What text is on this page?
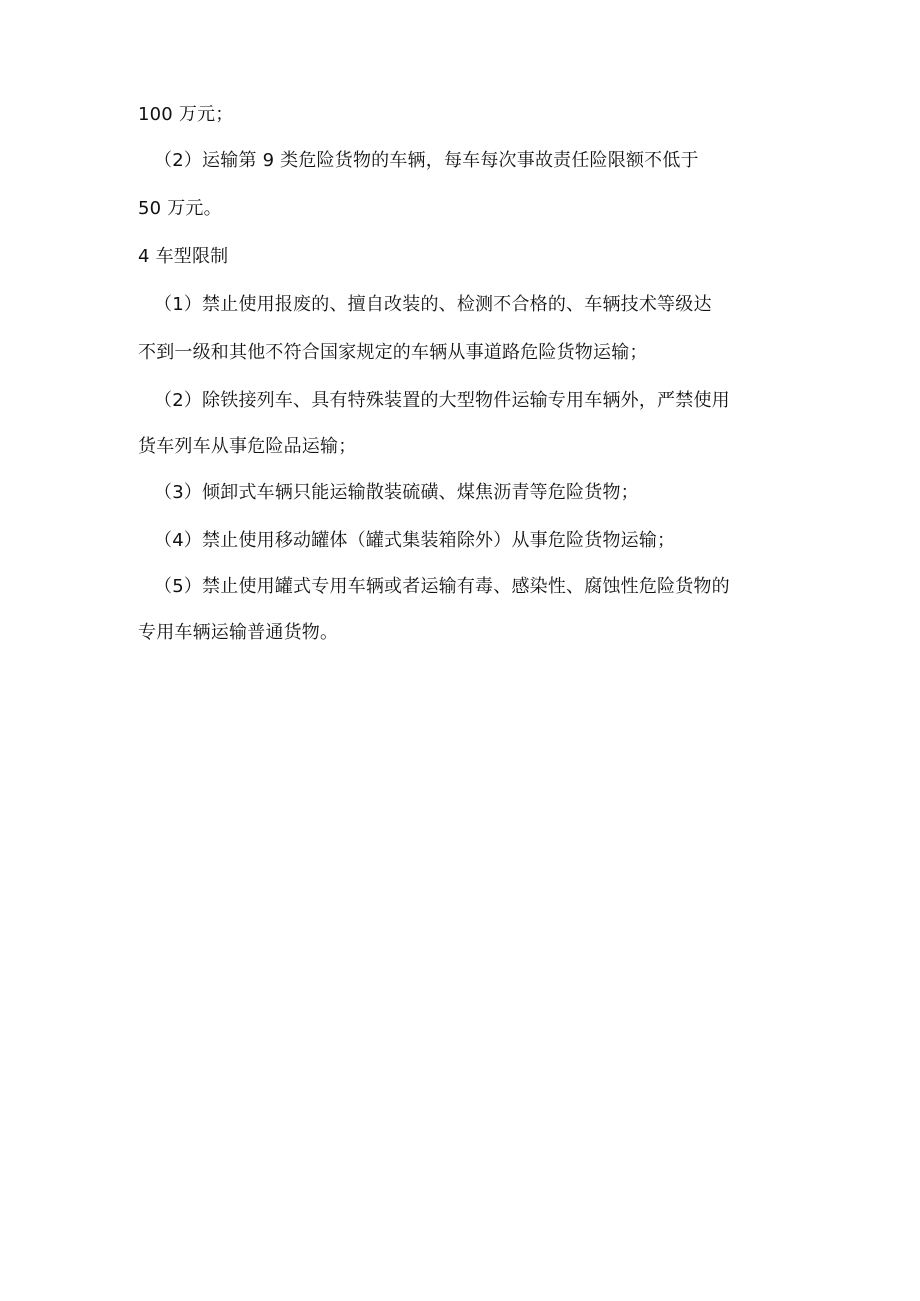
100 万元；
（2）运输第 9 类危险货物的车辆，每车每次事故责任险限额不低于
50 万元。
4 车型限制
（1）禁止使用报废的、擅自改装的、检测不合格的、车辆技术等级达
不到一级和其他不符合国家规定的车辆从事道路危险货物运输；
（2）除铁接列车、具有特殊装置的大型物件运输专用车辆外，严禁使用
货车列车从事危险品运输；
（3）倾卸式车辆只能运输散装硫磺、煤焦沥青等危险货物；
（4）禁止使用移动罐体（罐式集装箱除外）从事危险货物运输；
（5）禁止使用罐式专用车辆或者运输有毒、感染性、腐蚀性危险货物的
专用车辆运输普通货物。
